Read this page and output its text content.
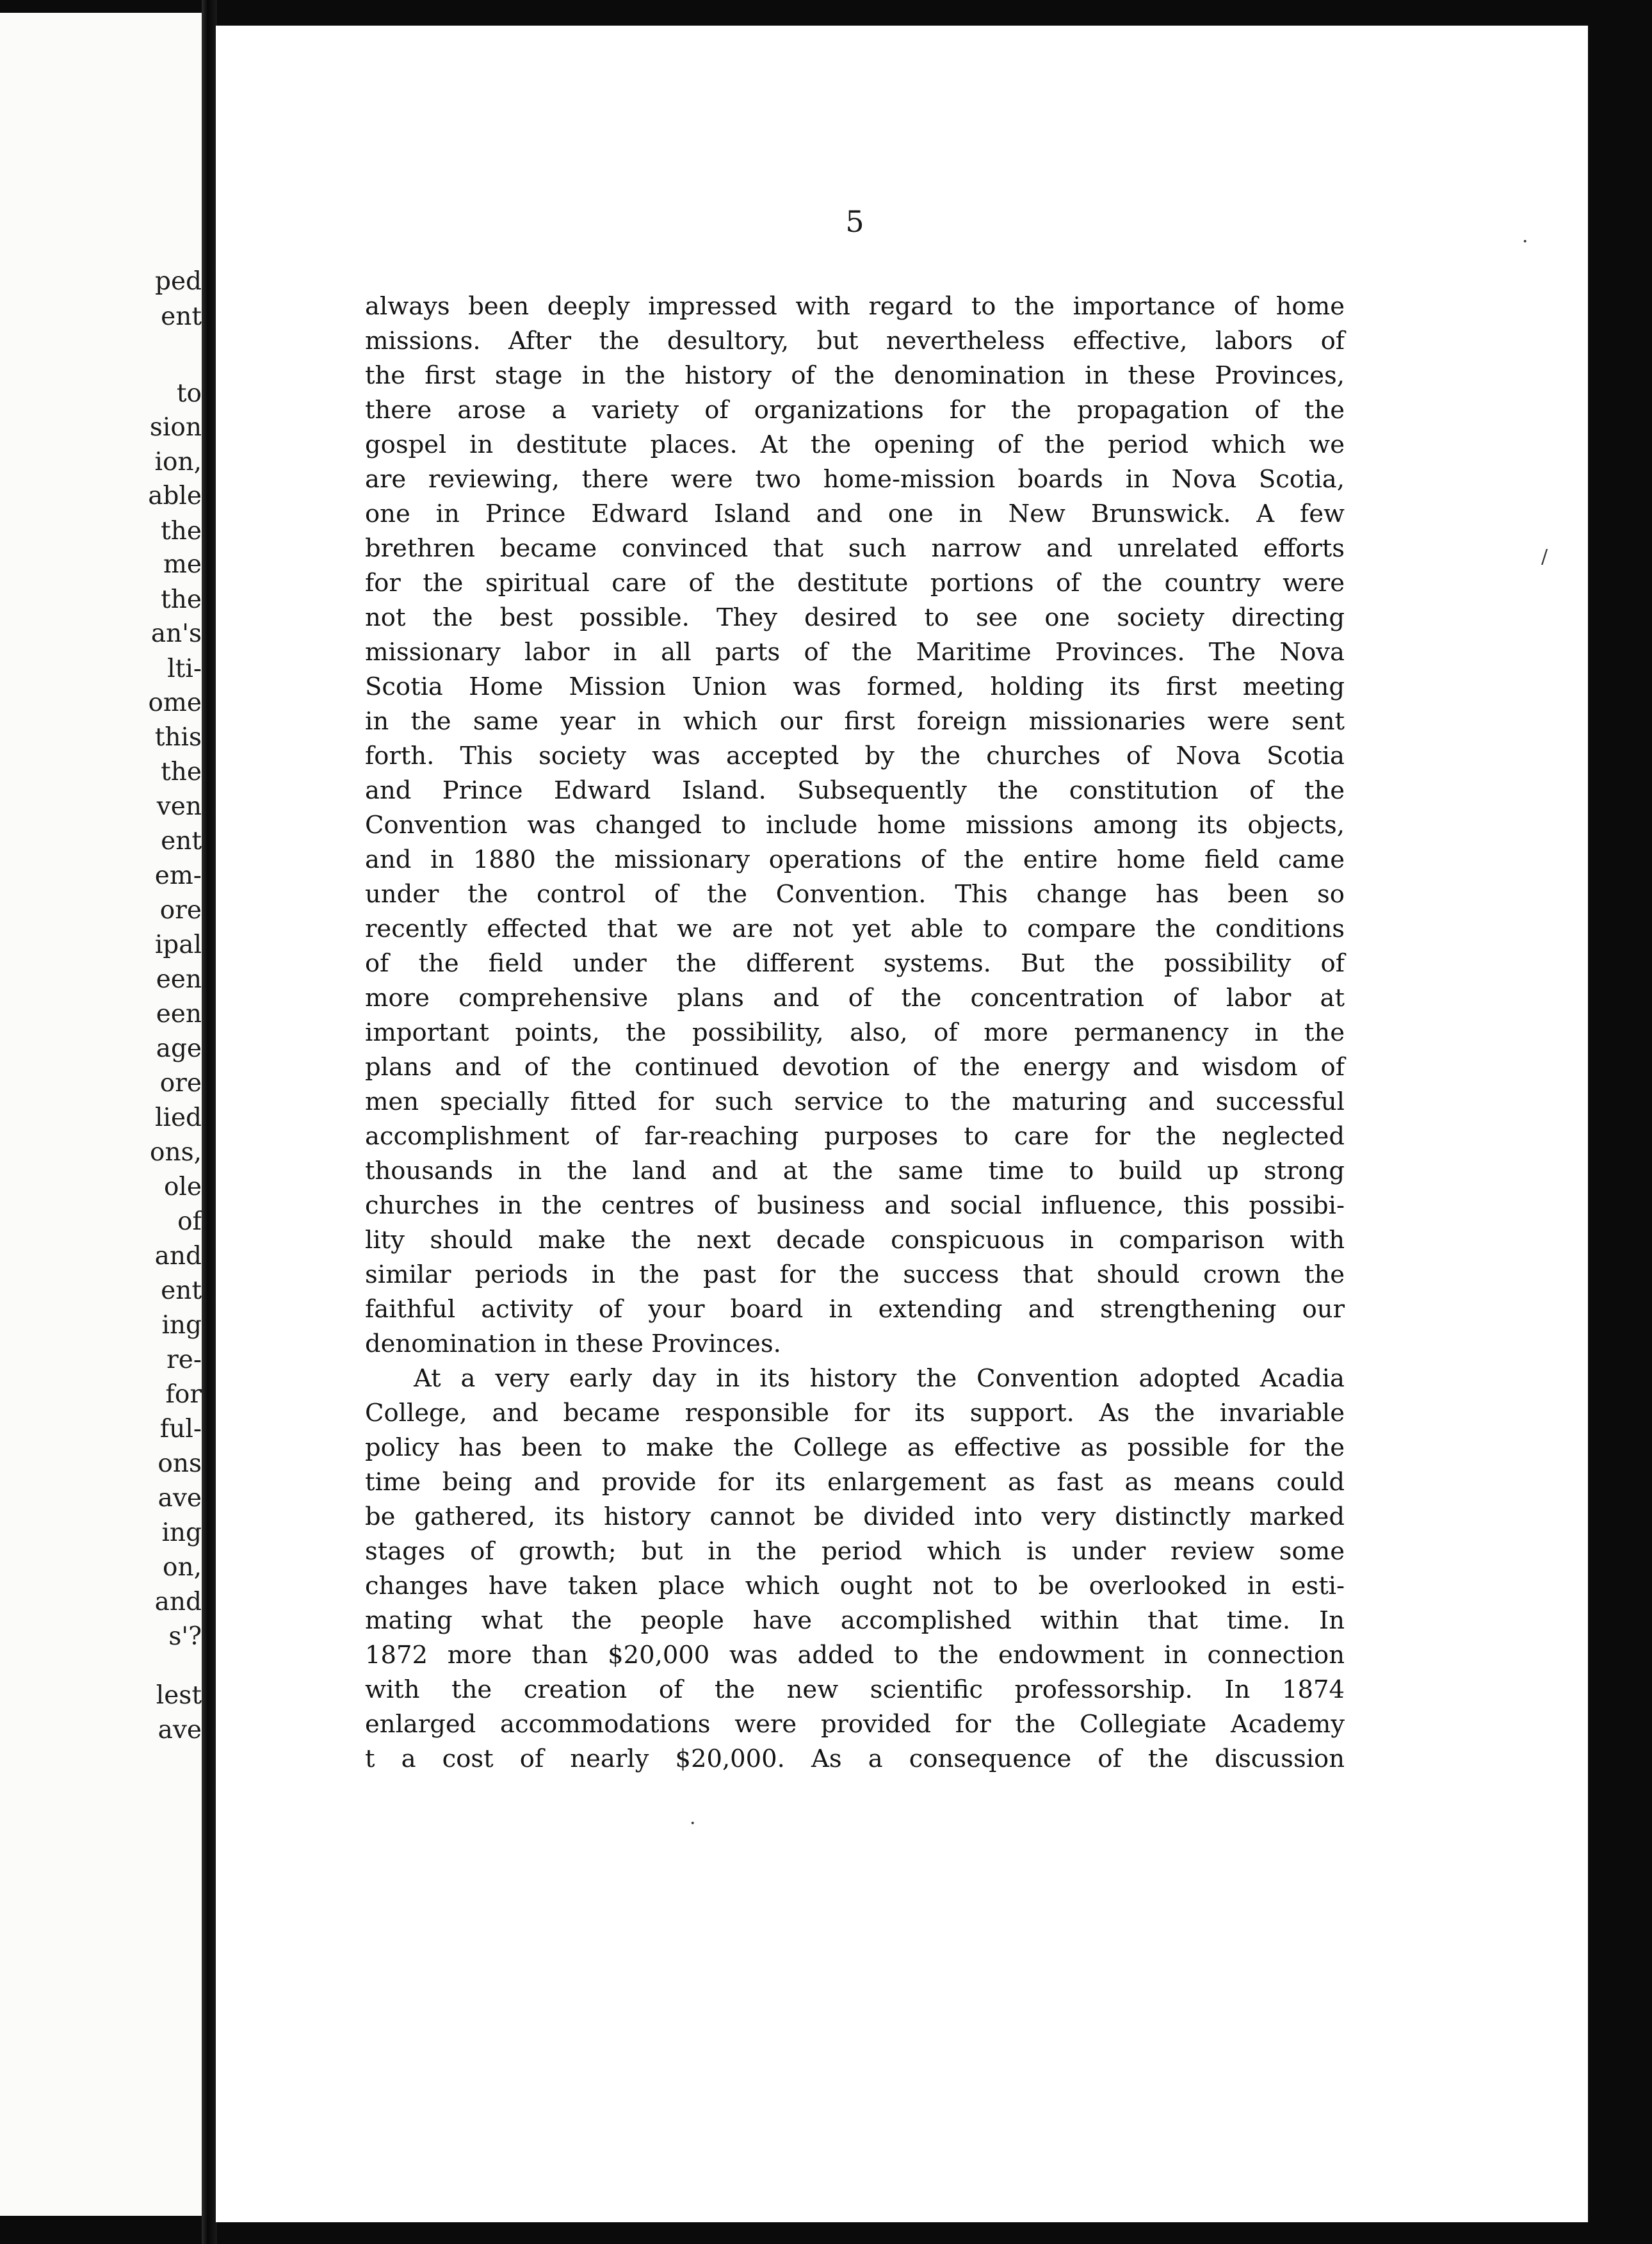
ped
ent
to
sion
ion,
able
the
me
the
an's
lti-
ome
this
the
ven
ent
em-
ore
ipal
een
een
age
ore
lied
ons,
ole
of
and
ent
ing
re-
for
ful-
ons
ave
ing
on,
and
s'?
lest
ave
5
always been deeply impressed with regard to the importance of home
missions. After the desultory, but nevertheless effective, labors of
the first stage in the history of the denomination in these Provinces,
there arose a variety of organizations for the propagation of the
gospel in destitute places. At the opening of the period which we
are reviewing, there were two home-mission boards in Nova Scotia,
one in Prince Edward Island and one in New Brunswick. A few
brethren became convinced that such narrow and unrelated efforts
for the spiritual care of the destitute portions of the country were
not the best possible. They desired to see one society directing
missionary labor in all parts of the Maritime Provinces. The Nova
Scotia Home Mission Union was formed, holding its first meeting
in the same year in which our first foreign missionaries were sent
forth. This society was accepted by the churches of Nova Scotia
and Prince Edward Island. Subsequently the constitution of the
Convention was changed to include home missions among its objects,
and in 1880 the missionary operations of the entire home field came
under the control of the Convention. This change has been so
recently effected that we are not yet able to compare the conditions
of the field under the different systems. But the possibility of
more comprehensive plans and of the concentration of labor at
important points, the possibility, also, of more permanency in the
plans and of the continued devotion of the energy and wisdom of
men specially fitted for such service to the maturing and successful
accomplishment of far-reaching purposes to care for the neglected
thousands in the land and at the same time to build up strong
churches in the centres of business and social influence, this possibi-
lity should make the next decade conspicuous in comparison with
similar periods in the past for the success that should crown the
faithful activity of your board in extending and strengthening our
denomination in these Provinces.
At a very early day in its history the Convention adopted Acadia
College, and became responsible for its support. As the invariable
policy has been to make the College as effective as possible for the
time being and provide for its enlargement as fast as means could
be gathered, its history cannot be divided into very distinctly marked
stages of growth; but in the period which is under review some
changes have taken place which ought not to be overlooked in esti-
mating what the people have accomplished within that time. In
1872 more than $20,000 was added to the endowment in connection
with the creation of the new scientific professorship. In 1874
enlarged accommodations were provided for the Collegiate Academy
t a cost of nearly $20,000. As a consequence of the discussion
·
/
·
